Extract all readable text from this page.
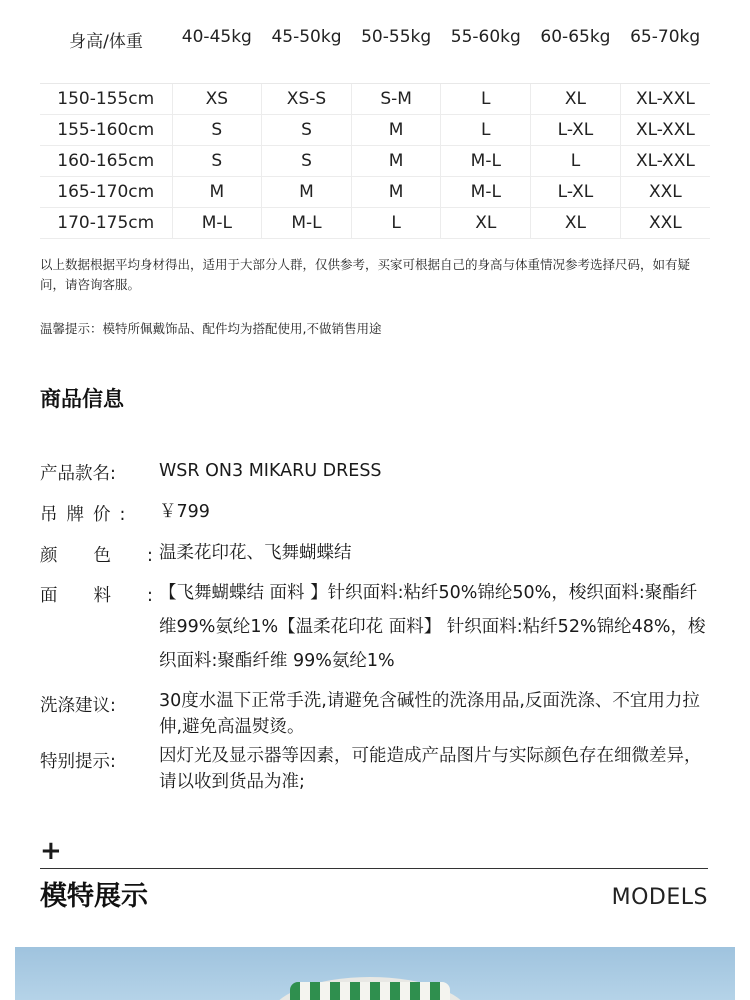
身高/体重	40-45kg	45-50kg	50-55kg	55-60kg	60-65kg	65-70kg
150-155cm	XS	XS-S	S-M	L	XL	XL-XXL
155-160cm	S	S	M	L	L-XL	XL-XXL
160-165cm	S	S	M	M-L	L	XL-XXL
165-170cm	M	M	M	M-L	L-XL	XXL
170-175cm	M-L	M-L	L	XL	XL	XXL
以上数据根据平均身材得出，适用于大部分人群，仅供参考，买家可根据自己的身高与体重情况参考选择尺码，如有疑问，请咨询客服。
温馨提示：模特所佩戴饰品、配件均为搭配使用,不做销售用途
商品信息
产品款名:	WSR ON3 MIKARU DRESS
吊牌价:	￥799
颜色:
温柔花印花、飞舞蝴蝶结
面料:
【飞舞蝴蝶结 面料 】针织面料:粘纤50%锦纶50%，梭织面料:聚酯纤维99%氨纶1%【温柔花印花 面料】 针织面料:粘纤52%锦纶48%，梭织面料:聚酯纤维 99%氨纶1%
洗涤建议:	30度水温下正常手洗,请避免含碱性的洗涤用品,反面洗涤、不宜用力拉伸,避免高温熨烫。
特别提示:	因灯光及显示器等因素，可能造成产品图片与实际颜色存在细微差异，请以收到货品为准;
+
模特展示	MODELS
